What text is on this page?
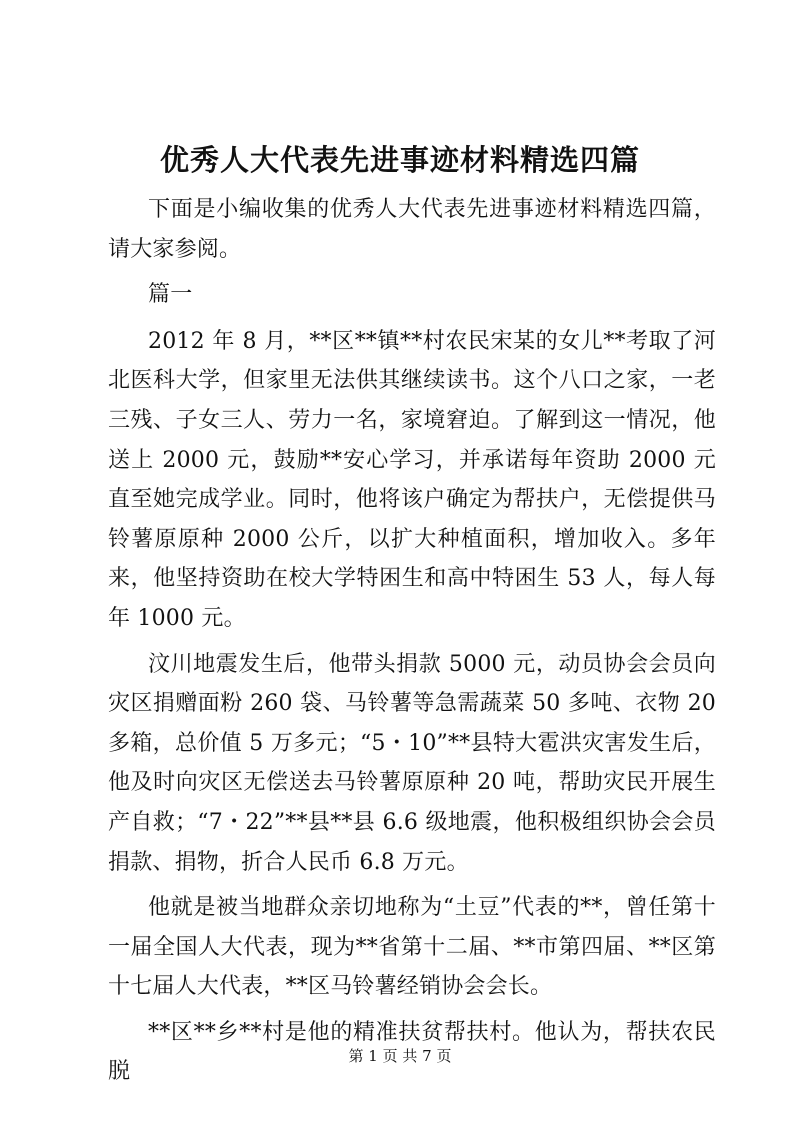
优秀人大代表先进事迹材料精选四篇

下面是小编收集的优秀人大代表先进事迹材料精选四篇，请大家参阅。

篇一

2012 年 8 月，**区**镇**村农民宋某的女儿**考取了河北医科大学，但家里无法供其继续读书。这个八口之家，一老三残、子女三人、劳力一名，家境窘迫。了解到这一情况，他送上 2000 元，鼓励**安心学习，并承诺每年资助 2000 元直至她完成学业。同时，他将该户确定为帮扶户，无偿提供马铃薯原原种 2000 公斤，以扩大种植面积，增加收入。多年来，他坚持资助在校大学特困生和高中特困生 53 人，每人每年 1000 元。

汶川地震发生后，他带头捐款 5000 元，动员协会会员向灾区捐赠面粉 260 袋、马铃薯等急需蔬菜 50 多吨、衣物 20 多箱，总价值 5 万多元；“5・10”**县特大雹洪灾害发生后，他及时向灾区无偿送去马铃薯原原种 20 吨，帮助灾民开展生产自救；“7・22”**县**县 6.6 级地震，他积极组织协会会员捐款、捐物，折合人民币 6.8 万元。

他就是被当地群众亲切地称为“土豆”代表的**，曾任第十一届全国人大代表，现为**省第十二届、**市第四届、**区第十七届人大代表，**区马铃薯经销协会会长。

**区**乡**村是他的精准扶贫帮扶村。他认为，帮扶农民脱

第 1 页 共 7 页
